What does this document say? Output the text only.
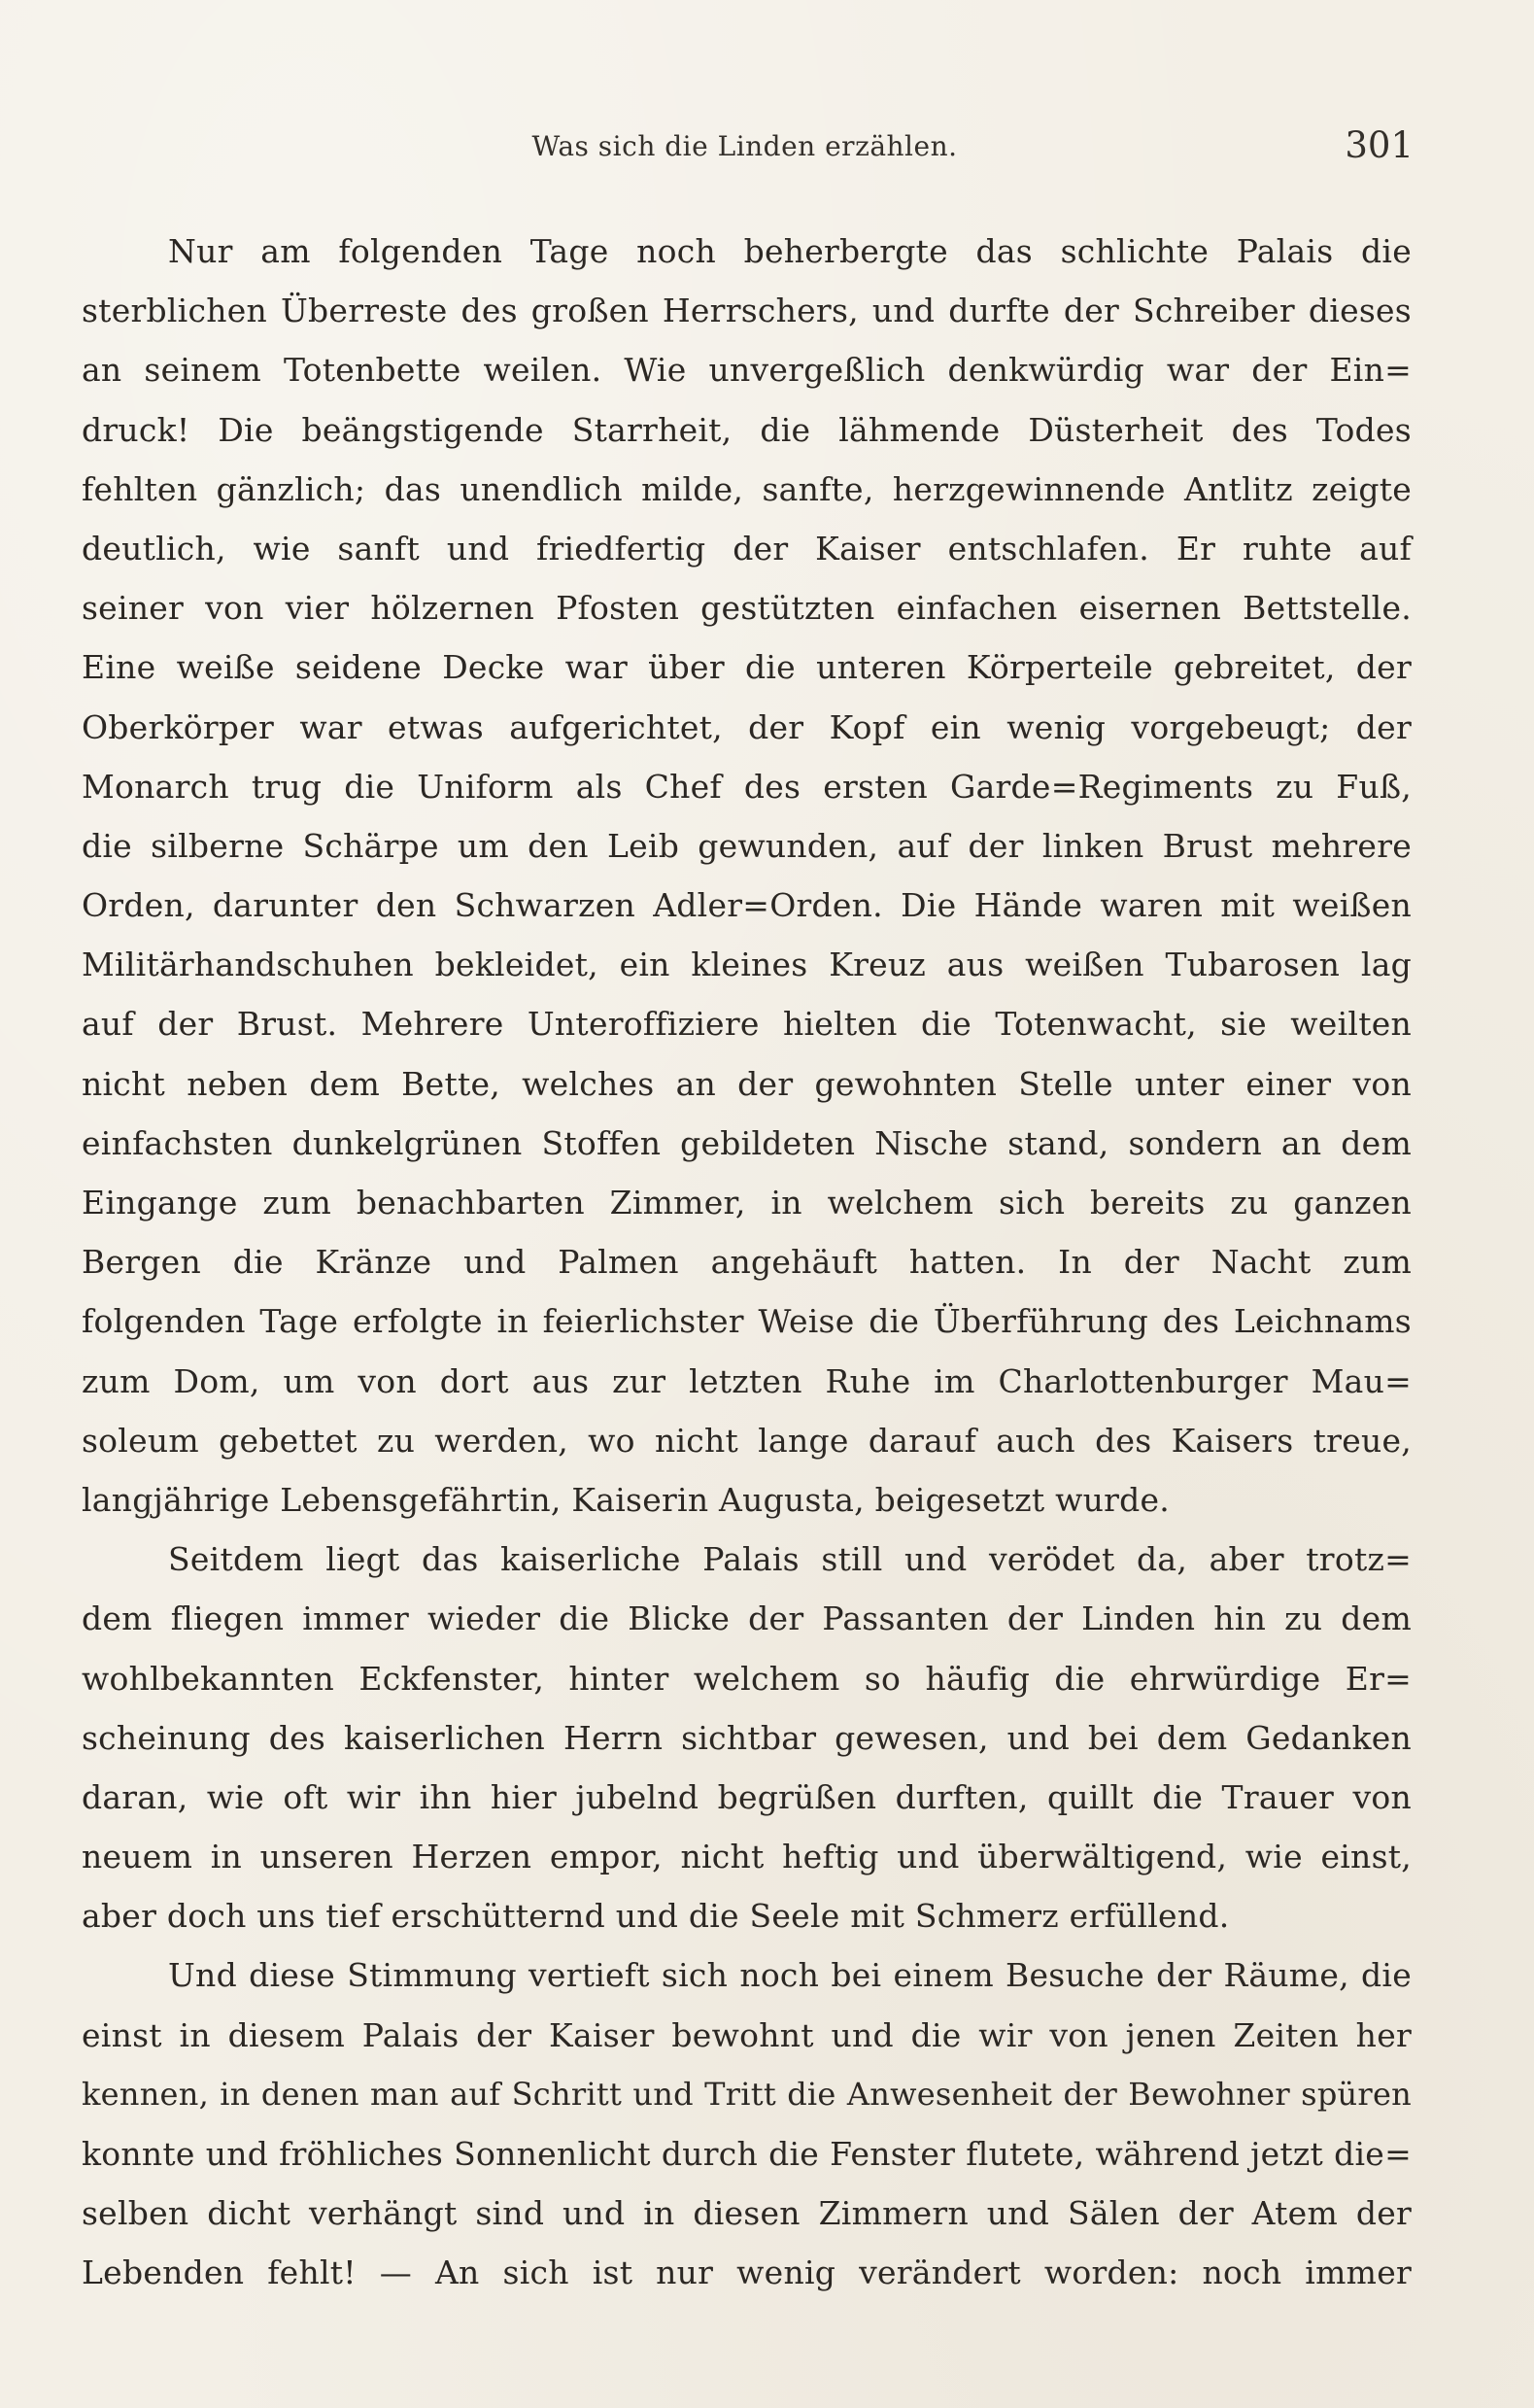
Was sich die Linden erzählen.	301
Nur am folgenden Tage noch beherbergte das schlichte Palais die
sterblichen Überreste des großen Herrschers, und durfte der Schreiber dieses
an seinem Totenbette weilen. Wie unvergeßlich denkwürdig war der Ein=
druck! Die beängstigende Starrheit, die lähmende Düsterheit des Todes
fehlten gänzlich; das unendlich milde, sanfte, herzgewinnende Antlitz zeigte
deutlich, wie sanft und friedfertig der Kaiser entschlafen. Er ruhte auf
seiner von vier hölzernen Pfosten gestützten einfachen eisernen Bettstelle.
Eine weiße seidene Decke war über die unteren Körperteile gebreitet, der
Oberkörper war etwas aufgerichtet, der Kopf ein wenig vorgebeugt; der
Monarch trug die Uniform als Chef des ersten Garde=Regiments zu Fuß,
die silberne Schärpe um den Leib gewunden, auf der linken Brust mehrere
Orden, darunter den Schwarzen Adler=Orden. Die Hände waren mit weißen
Militärhandschuhen bekleidet, ein kleines Kreuz aus weißen Tubarosen lag
auf der Brust. Mehrere Unteroffiziere hielten die Totenwacht, sie weilten
nicht neben dem Bette, welches an der gewohnten Stelle unter einer von
einfachsten dunkelgrünen Stoffen gebildeten Nische stand, sondern an dem
Eingange zum benachbarten Zimmer, in welchem sich bereits zu ganzen
Bergen die Kränze und Palmen angehäuft hatten. In der Nacht zum
folgenden Tage erfolgte in feierlichster Weise die Überführung des Leichnams
zum Dom, um von dort aus zur letzten Ruhe im Charlottenburger Mau=
soleum gebettet zu werden, wo nicht lange darauf auch des Kaisers treue,
langjährige Lebensgefährtin, Kaiserin Augusta, beigesetzt wurde.
Seitdem liegt das kaiserliche Palais still und verödet da, aber trotz=
dem fliegen immer wieder die Blicke der Passanten der Linden hin zu dem
wohlbekannten Eckfenster, hinter welchem so häufig die ehrwürdige Er=
scheinung des kaiserlichen Herrn sichtbar gewesen, und bei dem Gedanken
daran, wie oft wir ihn hier jubelnd begrüßen durften, quillt die Trauer von
neuem in unseren Herzen empor, nicht heftig und überwältigend, wie einst,
aber doch uns tief erschütternd und die Seele mit Schmerz erfüllend.
Und diese Stimmung vertieft sich noch bei einem Besuche der Räume, die
einst in diesem Palais der Kaiser bewohnt und die wir von jenen Zeiten her
kennen, in denen man auf Schritt und Tritt die Anwesenheit der Bewohner spüren
konnte und fröhliches Sonnenlicht durch die Fenster flutete, während jetzt die=
selben dicht verhängt sind und in diesen Zimmern und Sälen der Atem der
Lebenden fehlt! — An sich ist nur wenig verändert worden: noch immer
